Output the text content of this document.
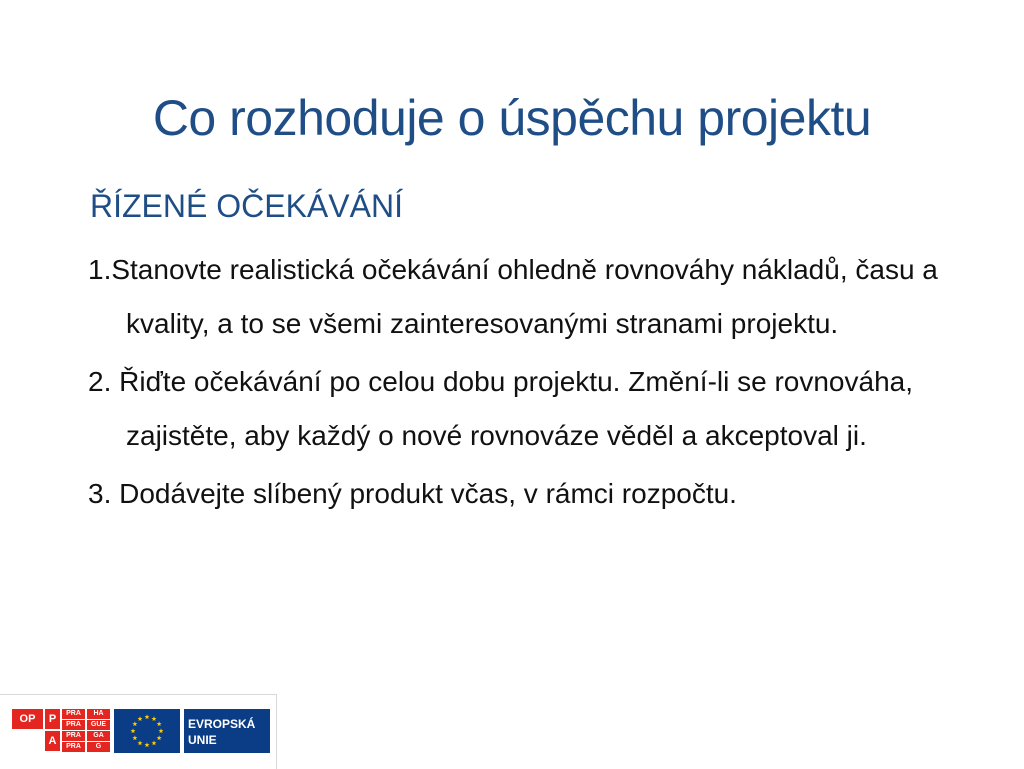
Co rozhoduje o úspěchu projektu
ŘÍZENÉ OČEKÁVÁNÍ
1.Stanovte realistická očekávání ohledně rovnováhy nákladů, času a kvality, a to se všemi zainteresovanými stranami projektu.
2. Řiďte očekávání po celou dobu projektu. Změní-li se rovnováha, zajistěte, aby každý o nové rovnováze věděl a akceptoval ji.
3. Dodávejte slíbený produkt včas, v rámci rozpočtu.
OP	P
A
PRA	HA
PRA	GUE
PRA	GA
PRA	G
EVROPSKÁ
UNIE
